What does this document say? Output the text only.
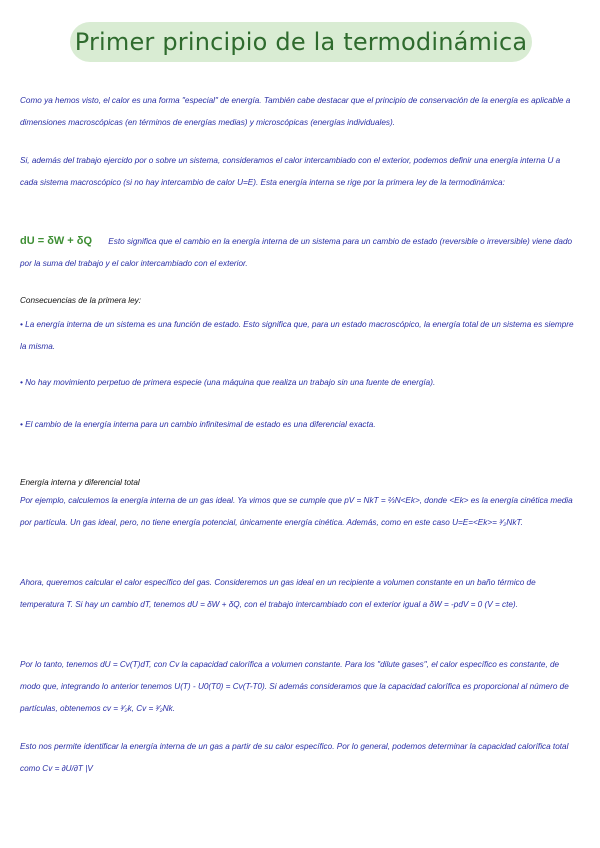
Primer principio de la termodinámica
Como ya hemos visto, el calor es una forma "especial" de energía. También cabe destacar que el principio de conservación de la energía es aplicable a dimensiones macroscópicas (en términos de energías medias) y microscópicas (energías individuales).
Si, además del trabajo ejercido por o sobre un sistema, consideramos el calor intercambiado con el exterior, podemos definir una energía interna U a cada sistema macroscópico (si no hay intercambio de calor U=E). Esta energía interna se rige por la primera ley de la termodinámica:
dU = δW + δQ Esto significa que el cambio en la energía interna de un sistema para un cambio de estado (reversible o irreversible) viene dado por la suma del trabajo y el calor intercambiado con el exterior.
Consecuencias de la primera ley:
• La energía interna de un sistema es una función de estado. Esto significa que, para un estado macroscópico, la energía total de un sistema es siempre la misma.
• No hay movimiento perpetuo de primera especie (una máquina que realiza un trabajo sin una fuente de energía).
• El cambio de la energía interna para un cambio infinitesimal de estado es una diferencial exacta.
Energía interna y diferencial total
Por ejemplo, calculemos la energía interna de un gas ideal. Ya vimos que se cumple que pV = NkT = ⅔N<Ek>, donde <Ek> es la energía cinética media por partícula. Un gas ideal, pero, no tiene energía potencial, únicamente energía cinética. Además, como en este caso U=E=<Ek>= ³⁄₂NkT.
Ahora, queremos calcular el calor específico del gas. Consideremos un gas ideal en un recipiente a volumen constante en un baño térmico de temperatura T. Si hay un cambio dT, tenemos dU = δW + δQ, con el trabajo intercambiado con el exterior igual a δW = -pdV = 0 (V = cte).
Por lo tanto, tenemos dU = Cv(T)dT, con Cv la capacidad calorífica a volumen constante. Para los "dilute gases", el calor específico es constante, de modo que, integrando lo anterior tenemos U(T) - U0(T0) = Cv(T-T0). Si además consideramos que la capacidad calorífica es proporcional al número de partículas, obtenemos cv = ³⁄₂k, Cv = ³⁄₂Nk.
Esto nos permite identificar la energía interna de un gas a partir de su calor específico. Por lo general, podemos determinar la capacidad calorífica total como Cv = ∂U/∂T |V
